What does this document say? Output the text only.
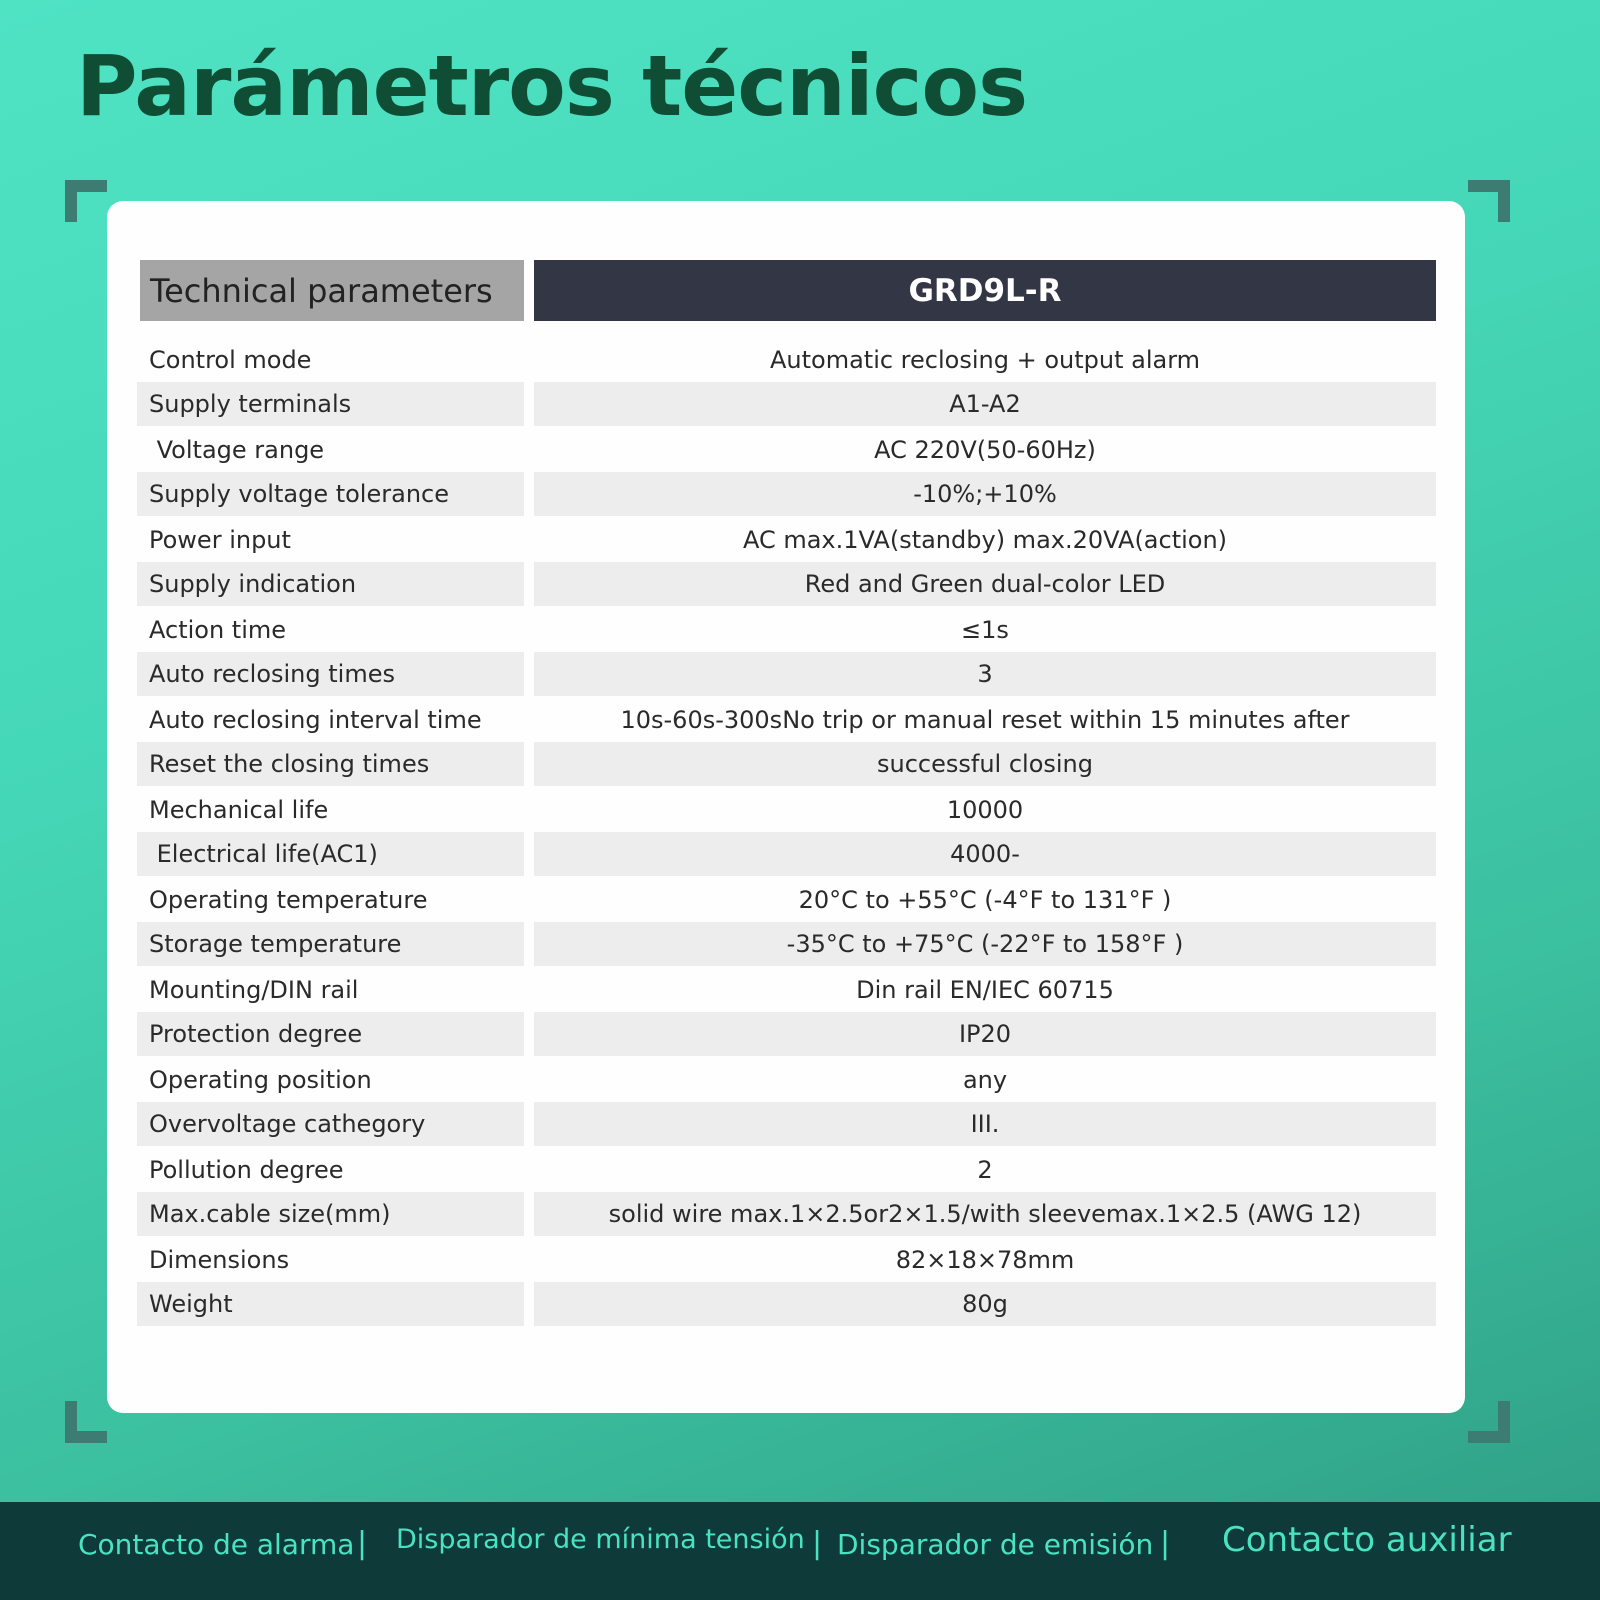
Parámetros técnicos
Technical parameters	GRD9L-R
Control mode	Automatic reclosing + output alarm
Supply terminals	A1-A2
Voltage range	AC 220V(50-60Hz)
Supply voltage tolerance	-10%;+10%
Power input	AC max.1VA(standby) max.20VA(action)
Supply indication	Red and Green dual-color LED
Action time	≤1s
Auto reclosing times	3
Auto reclosing interval time	10s-60s-300sNo trip or manual reset within 15 minutes after
Reset the closing times	successful closing
Mechanical life	10000
Electrical life(AC1)	4000-
Operating temperature	20°C to +55°C (-4°F to 131°F )
Storage temperature	-35°C to +75°C (-22°F to 158°F )
Mounting/DIN rail	Din rail EN/IEC 60715
Protection degree	IP20
Operating position	any
Overvoltage cathegory	III.
Pollution degree	2
Max.cable size(mm)	solid wire max.1×2.5or2×1.5/with sleevemax.1×2.5 (AWG 12)
Dimensions	82×18×78mm
Weight	80g
Contacto de alarma | Disparador de mínima tensión | Disparador de emisión | Contacto auxiliar
